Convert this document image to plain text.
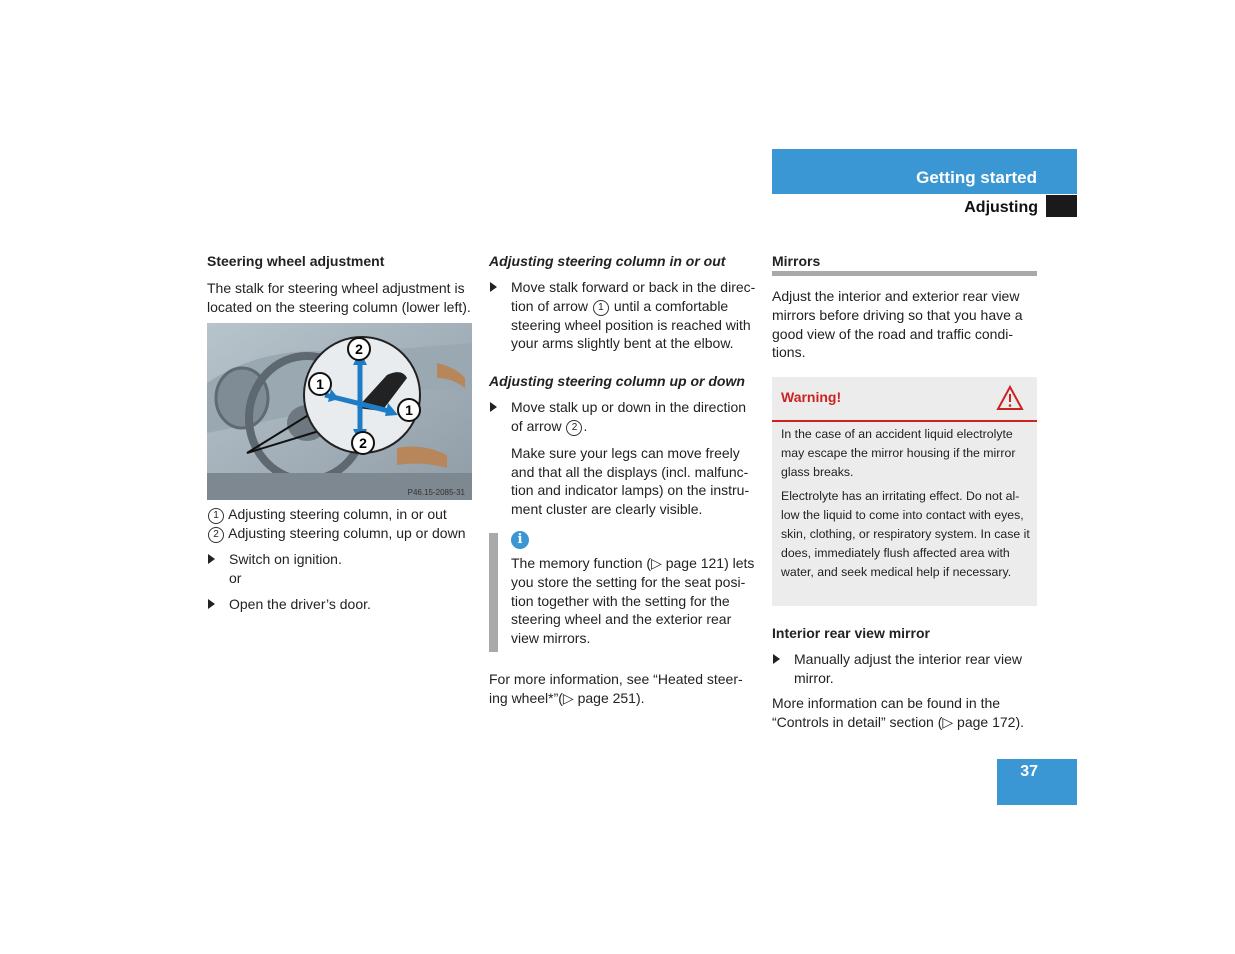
Getting started
Adjusting

Steering wheel adjustment

The stalk for steering wheel adjustment is located on the steering column (lower left).

2
1
1
2
P46.15-2085-31

1 Adjusting steering column, in or out

2 Adjusting steering column, up or down

Switch on ignition.

or

Open the driver’s door.

Adjusting steering column in or out

Move stalk forward or back in the direc-tion of arrow 1 until a comfortable steering wheel position is reached with your arms slightly bent at the elbow.

Adjusting steering column up or down

Move stalk up or down in the direction of arrow 2 .

Make sure your legs can move freely and that all the displays (incl. malfunc-tion and indicator lamps) on the instru-ment cluster are clearly visible.

i
The memory function (▷ page 121) lets you store the setting for the seat posi-tion together with the setting for the steering wheel and the exterior rear view mirrors.
For more information, see “Heated steer-ing wheel*”(▷ page 251).
Mirrors
Adjust the interior and exterior rear view mirrors before driving so that you have a good view of the road and traffic condi-tions.
Warning!

In the case of an accident liquid electrolyte may escape the mirror housing if the mirror glass breaks.

Electrolyte has an irritating effect. Do not al-low the liquid to come into contact with eyes, skin, clothing, or respiratory system. In case it does, immediately flush affected area with water, and seek medical help if necessary.

Interior rear view mirror

Manually adjust the interior rear view mirror.

More information can be found in the “Controls in detail” section (▷ page 172).

37
